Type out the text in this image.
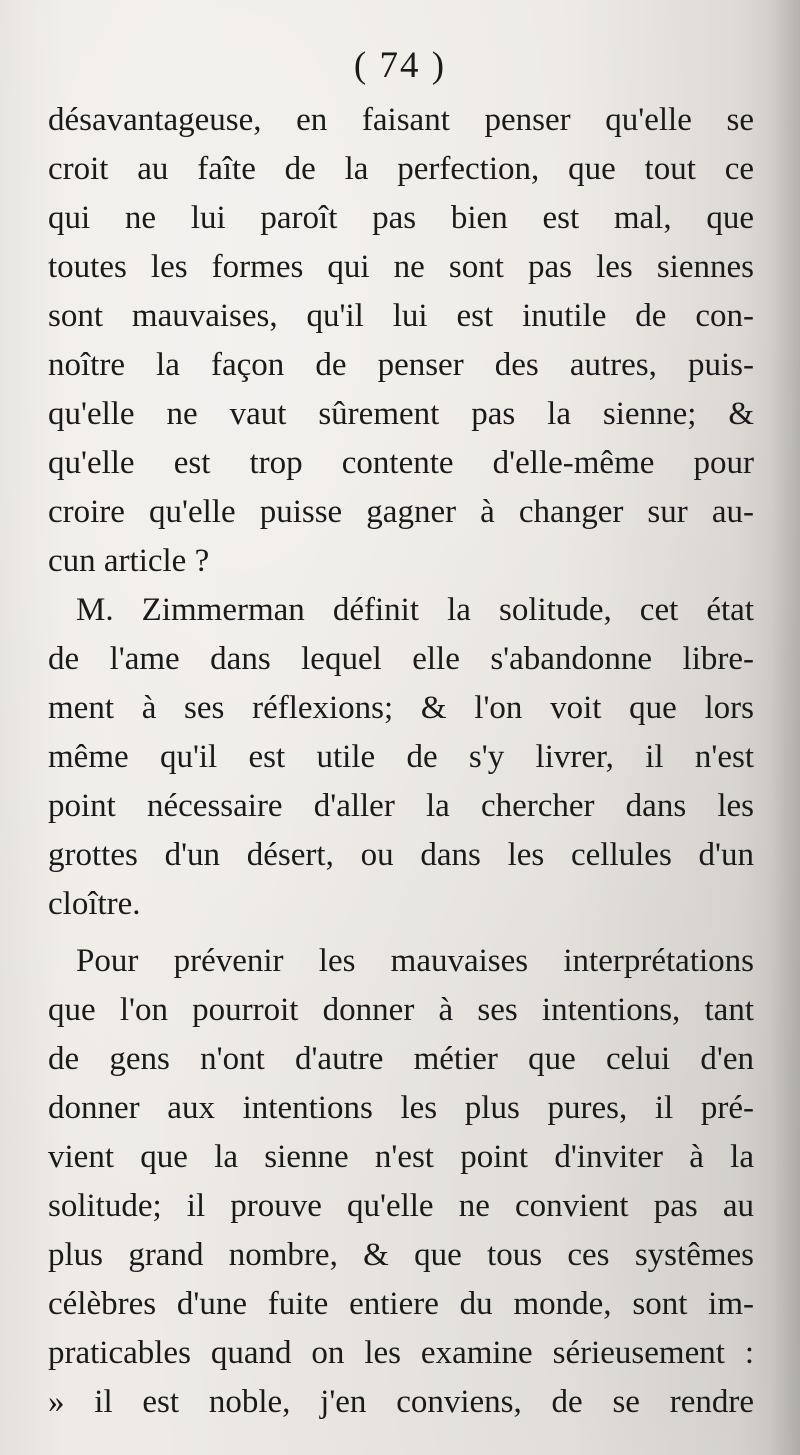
( 74 )
désavantageuse, en faisant penser qu'elle se
croit au faîte de la perfection, que tout ce
qui ne lui paroît pas bien est mal, que
toutes les formes qui ne sont pas les siennes
sont mauvaises, qu'il lui est inutile de con-
noître la façon de penser des autres, puis-
qu'elle ne vaut sûrement pas la sienne; &
qu'elle est trop contente d'elle-même pour
croire qu'elle puisse gagner à changer sur au-
cun article ?
M. Zimmerman définit la solitude, cet état
de l'ame dans lequel elle s'abandonne libre-
ment à ses réflexions; & l'on voit que lors
même qu'il est utile de s'y livrer, il n'est
point nécessaire d'aller la chercher dans les
grottes d'un désert, ou dans les cellules d'un
cloître.
Pour prévenir les mauvaises interprétations
que l'on pourroit donner à ses intentions, tant
de gens n'ont d'autre métier que celui d'en
donner aux intentions les plus pures, il pré-
vient que la sienne n'est point d'inviter à la
solitude; il prouve qu'elle ne convient pas au
plus grand nombre, & que tous ces systêmes
célèbres d'une fuite entiere du monde, sont im-
praticables quand on les examine sérieusement :
» il est noble, j'en conviens, de se rendre
